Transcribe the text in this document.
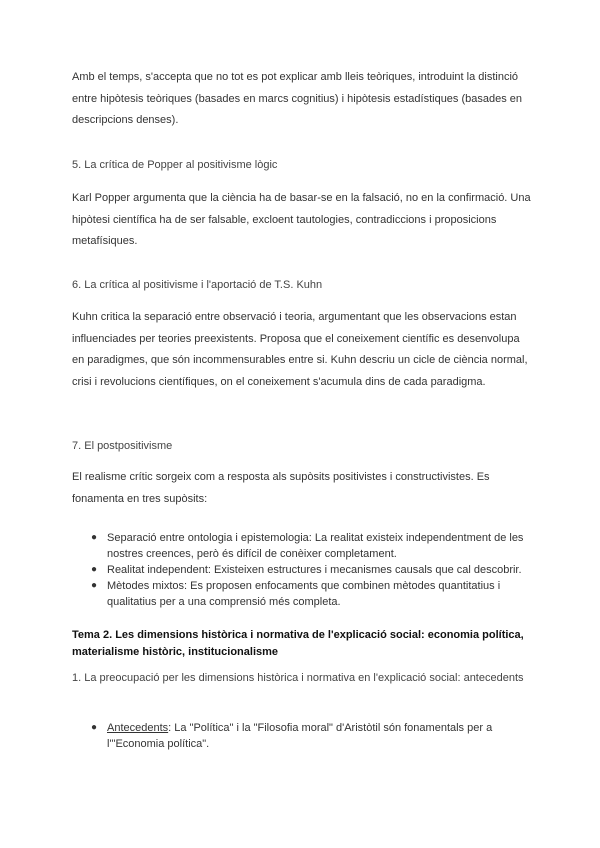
Amb el temps, s'accepta que no tot es pot explicar amb lleis teòriques, introduint la distinció entre hipòtesis teòriques (basades en marcs cognitius) i hipòtesis estadístiques (basades en descripcions denses).

5. La crítica de Popper al positivisme lògic

Karl Popper argumenta que la ciència ha de basar-se en la falsació, no en la confirmació. Una hipòtesi científica ha de ser falsable, excloent tautologies, contradiccions i proposicions metafísiques.

6. La crítica al positivisme i l'aportació de T.S. Kuhn

Kuhn critica la separació entre observació i teoria, argumentant que les observacions estan influenciades per teories preexistents. Proposa que el coneixement científic es desenvolupa en paradigmes, que són incommensurables entre si. Kuhn descriu un cicle de ciència normal, crisi i revolucions científiques, on el coneixement s'acumula dins de cada paradigma.

7. El postpositivisme

El realisme crític sorgeix com a resposta als supòsits positivistes i constructivistes. Es fonamenta en tres supòsits:

● Separació entre ontologia i epistemologia: La realitat existeix independentment de les nostres creences, però és difícil de conèixer completament.
● Realitat independent: Existeixen estructures i mecanismes causals que cal descobrir.
● Mètodes mixtos: Es proposen enfocaments que combinen mètodes quantitatius i qualitatius per a una comprensió més completa.

Tema 2. Les dimensions històrica i normativa de l'explicació social: economia política, materialisme històric, institucionalisme

1. La preocupació per les dimensions històrica i normativa en l'explicació social: antecedents

● Antecedents: La "Política" i la "Filosofia moral" d'Aristòtil són fonamentals per a l'"Economia política".
